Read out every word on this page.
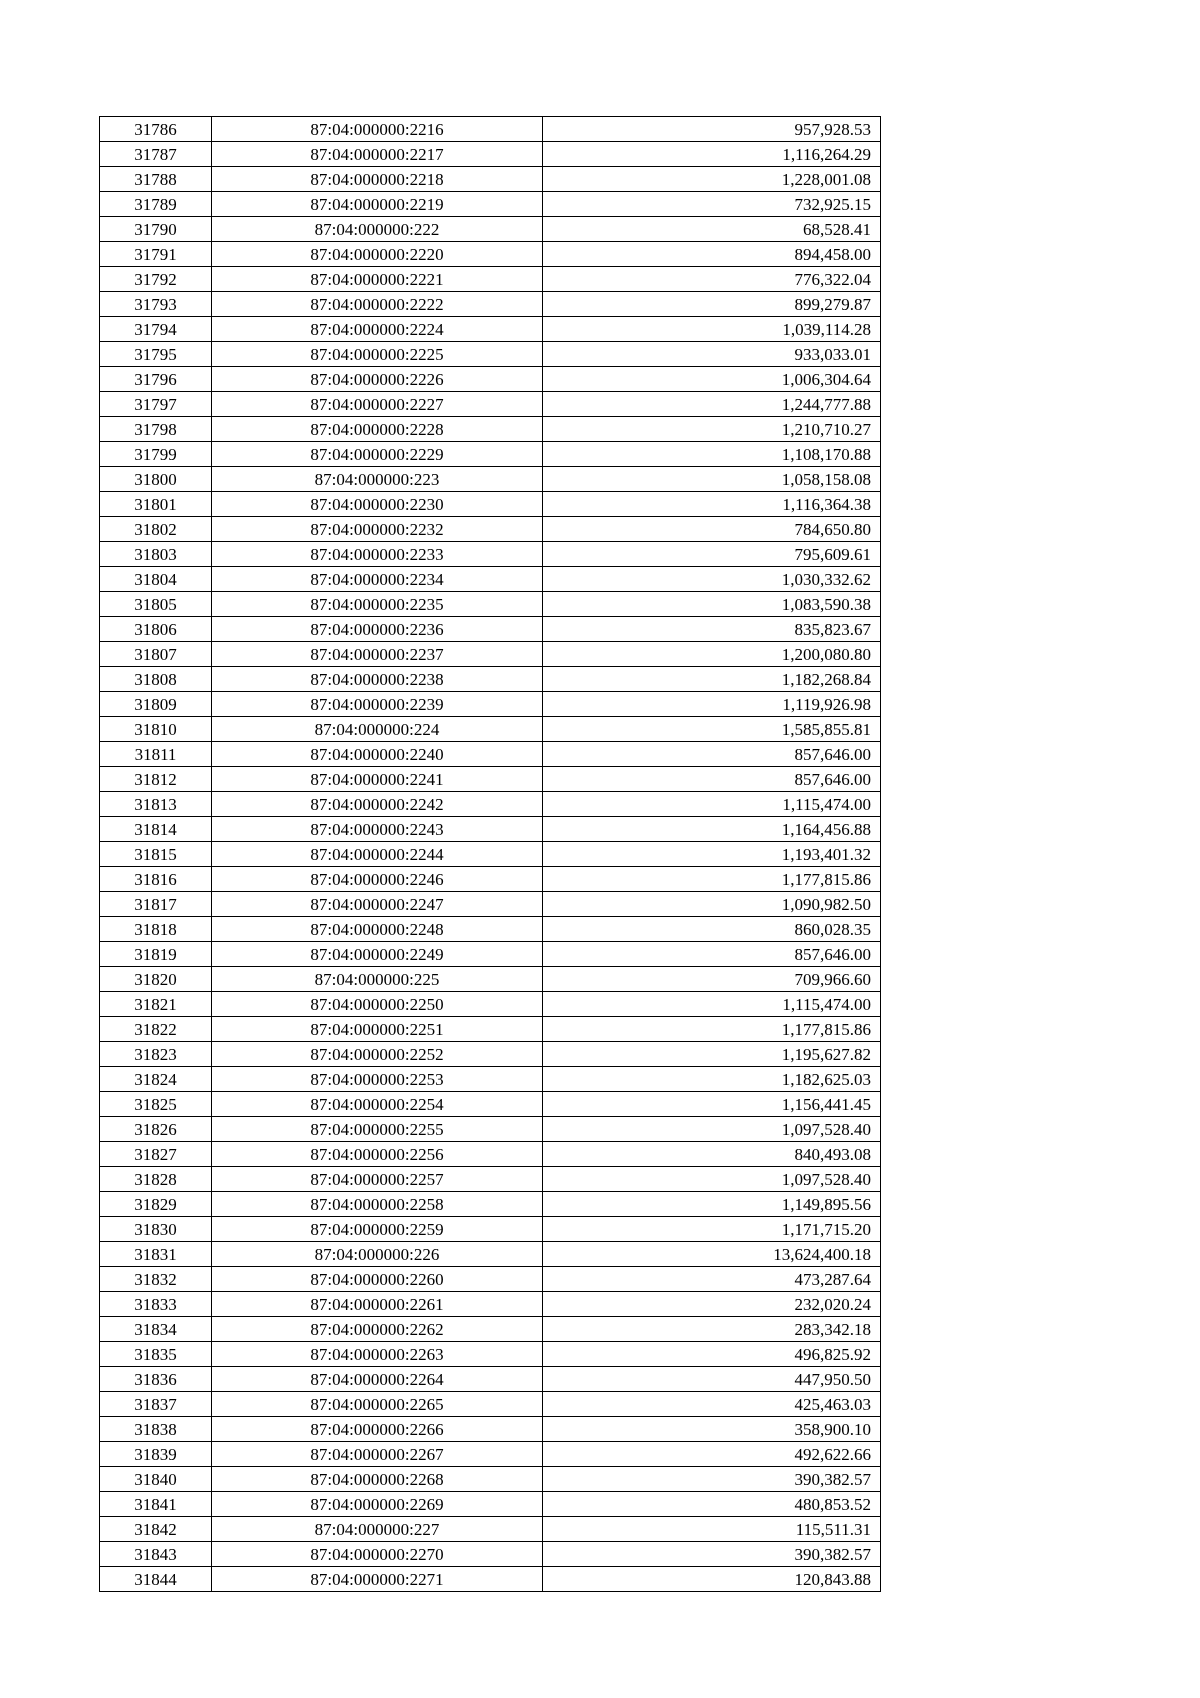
31786	87:04:000000:2216	957,928.53
31787	87:04:000000:2217	1,116,264.29
31788	87:04:000000:2218	1,228,001.08
31789	87:04:000000:2219	732,925.15
31790	87:04:000000:222	68,528.41
31791	87:04:000000:2220	894,458.00
31792	87:04:000000:2221	776,322.04
31793	87:04:000000:2222	899,279.87
31794	87:04:000000:2224	1,039,114.28
31795	87:04:000000:2225	933,033.01
31796	87:04:000000:2226	1,006,304.64
31797	87:04:000000:2227	1,244,777.88
31798	87:04:000000:2228	1,210,710.27
31799	87:04:000000:2229	1,108,170.88
31800	87:04:000000:223	1,058,158.08
31801	87:04:000000:2230	1,116,364.38
31802	87:04:000000:2232	784,650.80
31803	87:04:000000:2233	795,609.61
31804	87:04:000000:2234	1,030,332.62
31805	87:04:000000:2235	1,083,590.38
31806	87:04:000000:2236	835,823.67
31807	87:04:000000:2237	1,200,080.80
31808	87:04:000000:2238	1,182,268.84
31809	87:04:000000:2239	1,119,926.98
31810	87:04:000000:224	1,585,855.81
31811	87:04:000000:2240	857,646.00
31812	87:04:000000:2241	857,646.00
31813	87:04:000000:2242	1,115,474.00
31814	87:04:000000:2243	1,164,456.88
31815	87:04:000000:2244	1,193,401.32
31816	87:04:000000:2246	1,177,815.86
31817	87:04:000000:2247	1,090,982.50
31818	87:04:000000:2248	860,028.35
31819	87:04:000000:2249	857,646.00
31820	87:04:000000:225	709,966.60
31821	87:04:000000:2250	1,115,474.00
31822	87:04:000000:2251	1,177,815.86
31823	87:04:000000:2252	1,195,627.82
31824	87:04:000000:2253	1,182,625.03
31825	87:04:000000:2254	1,156,441.45
31826	87:04:000000:2255	1,097,528.40
31827	87:04:000000:2256	840,493.08
31828	87:04:000000:2257	1,097,528.40
31829	87:04:000000:2258	1,149,895.56
31830	87:04:000000:2259	1,171,715.20
31831	87:04:000000:226	13,624,400.18
31832	87:04:000000:2260	473,287.64
31833	87:04:000000:2261	232,020.24
31834	87:04:000000:2262	283,342.18
31835	87:04:000000:2263	496,825.92
31836	87:04:000000:2264	447,950.50
31837	87:04:000000:2265	425,463.03
31838	87:04:000000:2266	358,900.10
31839	87:04:000000:2267	492,622.66
31840	87:04:000000:2268	390,382.57
31841	87:04:000000:2269	480,853.52
31842	87:04:000000:227	115,511.31
31843	87:04:000000:2270	390,382.57
31844	87:04:000000:2271	120,843.88
